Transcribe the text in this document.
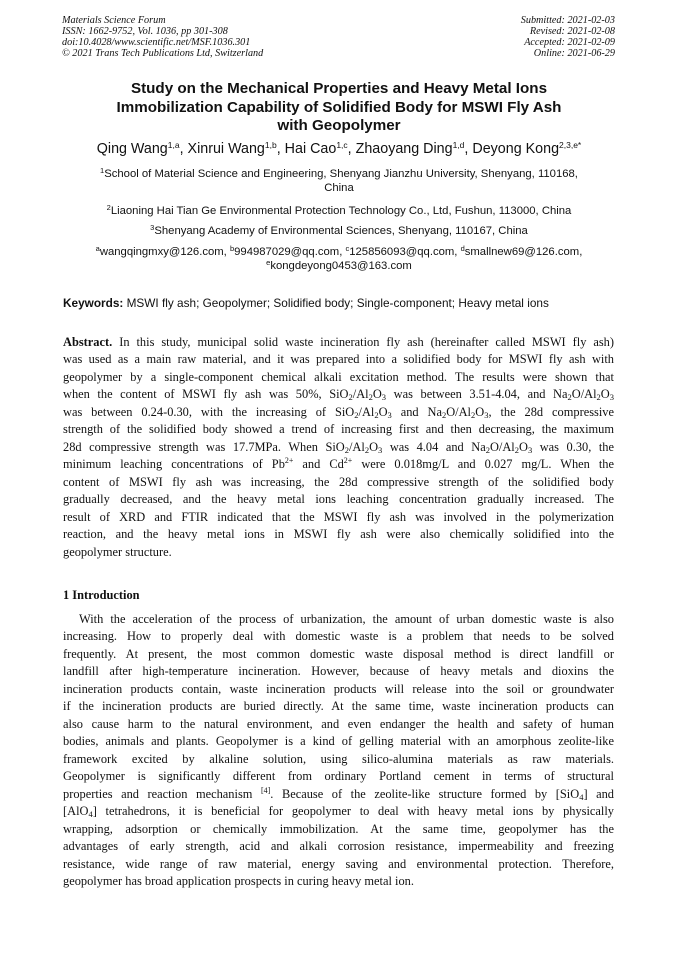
Materials Science Forum
ISSN: 1662-9752, Vol. 1036, pp 301-308
doi:10.4028/www.scientific.net/MSF.1036.301
© 2021 Trans Tech Publications Ltd, Switzerland
Submitted: 2021-02-03
Revised: 2021-02-08
Accepted: 2021-02-09
Online: 2021-06-29
Study on the Mechanical Properties and Heavy Metal Ions
Immobilization Capability of Solidified Body for MSWI Fly Ash
with Geopolymer
Qing Wang$^{1,a}$, Xinrui Wang$^{1,b}$, Hai Cao$^{1,c}$, Zhaoyang Ding$^{1,d}$, Deyong Kong$^{2,3,e*}$
$^1$School of Material Science and Engineering, Shenyang Jianzhu University, Shenyang, 110168,
China
$^2$Liaoning Hai Tian Ge Environmental Protection Technology Co., Ltd, Fushun, 113000, China
$^3$Shenyang Academy of Environmental Sciences, Shenyang, 110167, China
$^a$wangqingmxy@126.com, $^b$994987029@qq.com, $^c$125856093@qq.com, $^d$smallnew69@126.com,
$^e$kongdeyong0453@163.com
Keywords: MSWI fly ash; Geopolymer; Solidified body; Single-component; Heavy metal ions
Abstract. In this study, municipal solid waste incineration fly ash (hereinafter called MSWI fly ash)
was used as a main raw material, and it was prepared into a solidified body for MSWI fly ash with
geopolymer by a single-component chemical alkali excitation method. The results were shown that
when the content of MSWI fly ash was 50%, $SiO_2/Al_2O_3$ was between 3.51-4.04, and $Na_2O/Al_2O_3$
was between 0.24-0.30, with the increasing of $SiO_2/Al_2O_3$ and $Na_2O/Al_2O_3$, the 28d compressive
strength of the solidified body showed a trend of increasing first and then decreasing, the maximum
28d compressive strength was 17.7MPa. When $SiO_2/Al_2O_3$ was 4.04 and $Na_2O/Al_2O_3$ was 0.30, the
minimum leaching concentrations of $Pb^{2+}$ and $Cd^{2+}$ were 0.018mg/L and 0.027 mg/L. When the
content of MSWI fly ash was increasing, the 28d compressive strength of the solidified body
gradually decreased, and the heavy metal ions leaching concentration gradually increased. The
result of XRD and FTIR indicated that the MSWI fly ash was involved in the polymerization
reaction, and the heavy metal ions in MSWI fly ash were also chemically solidified into the
geopolymer structure.
1 Introduction
With the acceleration of the process of urbanization, the amount of urban domestic waste is also
increasing. How to properly deal with domestic waste is a problem that needs to be solved
frequently. At present, the most common domestic waste disposal method is direct landfill or
landfill after high-temperature incineration. However, because of heavy metals and dioxins the
incineration products contain, waste incineration products will release into the soil or groundwater
if the incineration products are buried directly. At the same time, waste incineration products can
also cause harm to the natural environment, and even endanger the health and safety of human
bodies, animals and plants. Geopolymer is a kind of gelling material with an amorphous zeolite-like
framework excited by alkaline solution, using silico-alumina materials as raw materials.
Geopolymer is significantly different from ordinary Portland cement in terms of structural
properties and reaction mechanism [4]. Because of the zeolite-like structure formed by [SiO$_4$] and
[AlO$_4$] tetrahedrons, it is beneficial for geopolymer to deal with heavy metal ions by physically
wrapping, adsorption or chemically immobilization. At the same time, geopolymer has the
advantages of early strength, acid and alkali corrosion resistance, impermeability and freezing
resistance, wide range of raw material, energy saving and environmental protection. Therefore,
geopolymer has broad application prospects in curing heavy metal ion.
